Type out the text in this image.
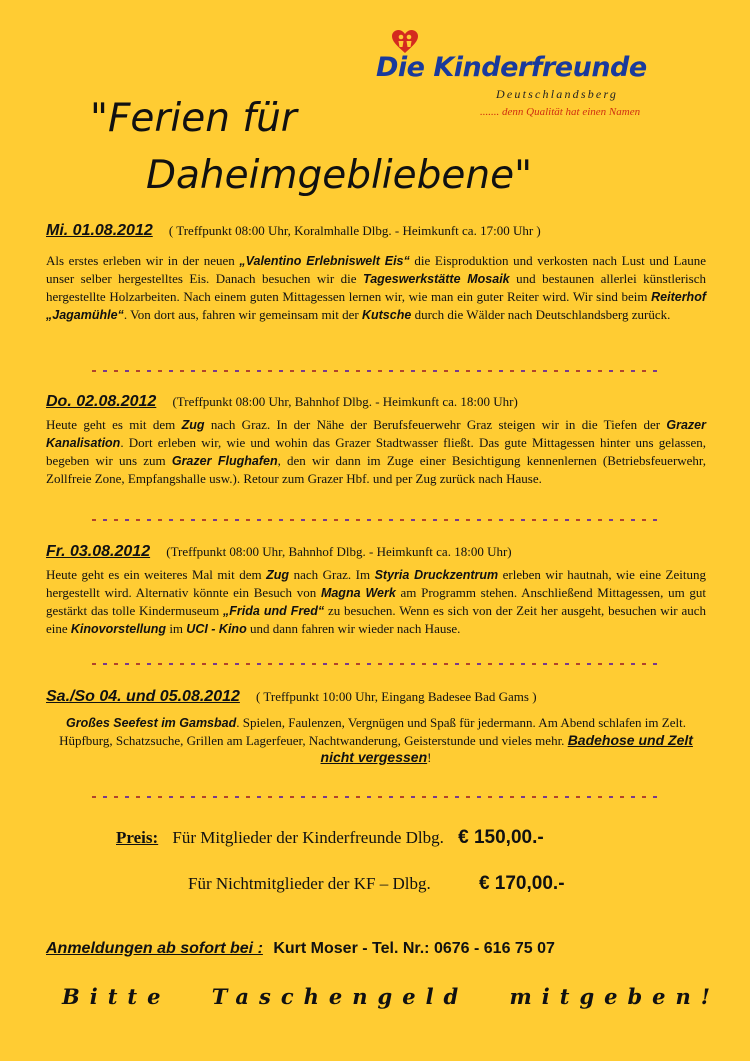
Die Kinderfreunde
Deutschlandsberg
....... denn Qualität hat einen Namen
"Ferien für
Daheimgebliebene"
Mi. 01.08.2012 ( Treffpunkt 08:00 Uhr, Koralmhalle Dlbg. - Heimkunft ca. 17:00 Uhr )
Als erstes erleben wir in der neuen „Valentino Erlebniswelt Eis“ die Eisproduktion und verkosten nach Lust und Laune unser selber hergestelltes Eis. Danach besuchen wir die Tageswerkstätte Mosaik und bestaunen allerlei künstlerisch hergestellte Holzarbeiten. Nach einem guten Mittagessen lernen wir, wie man ein guter Reiter wird. Wir sind beim Reiterhof „Jagamühle“. Von dort aus, fahren wir gemeinsam mit der Kutsche durch die Wälder nach Deutschlandsberg zurück.
Do. 02.08.2012 (Treffpunkt 08:00 Uhr, Bahnhof Dlbg. - Heimkunft ca. 18:00 Uhr)
Heute geht es mit dem Zug nach Graz. In der Nähe der Berufsfeuerwehr Graz steigen wir in die Tiefen der Grazer Kanalisation. Dort erleben wir, wie und wohin das Grazer Stadtwasser fließt. Das gute Mittagessen hinter uns gelassen, begeben wir uns zum Grazer Flughafen, den wir dann im Zuge einer Besichtigung kennenlernen (Betriebsfeuerwehr, Zollfreie Zone, Empfangshalle usw.). Retour zum Grazer Hbf. und per Zug zurück nach Hause.
Fr. 03.08.2012 (Treffpunkt 08:00 Uhr, Bahnhof Dlbg. - Heimkunft ca. 18:00 Uhr)
Heute geht es ein weiteres Mal mit dem Zug nach Graz. Im Styria Druckzentrum erleben wir hautnah, wie eine Zeitung hergestellt wird. Alternativ könnte ein Besuch von Magna Werk am Programm stehen. Anschließend Mittagessen, um gut gestärkt das tolle Kindermuseum „Frida und Fred“ zu besuchen. Wenn es sich von der Zeit her ausgeht, besuchen wir auch eine Kinovorstellung im UCI - Kino und dann fahren wir wieder nach Hause.
Sa./So 04. und 05.08.2012 ( Treffpunkt 10:00 Uhr, Eingang Badesee Bad Gams )
Großes Seefest im Gamsbad. Spielen, Faulenzen, Vergnügen und Spaß für jedermann. Am Abend schlafen im Zelt. Hüpfburg, Schatzsuche, Grillen am Lagerfeuer, Nachtwanderung, Geisterstunde und vieles mehr. Badehose und Zelt nicht vergessen!
Preis: Für Mitglieder der Kinderfreunde Dlbg. € 150,00.-
Für Nichtmitglieder der KF – Dlbg.	€ 170,00.-
Anmeldungen ab sofort bei : Kurt Moser - Tel. Nr.: 0676 - 616 75 07
Bitte Taschengeld mitgeben!
